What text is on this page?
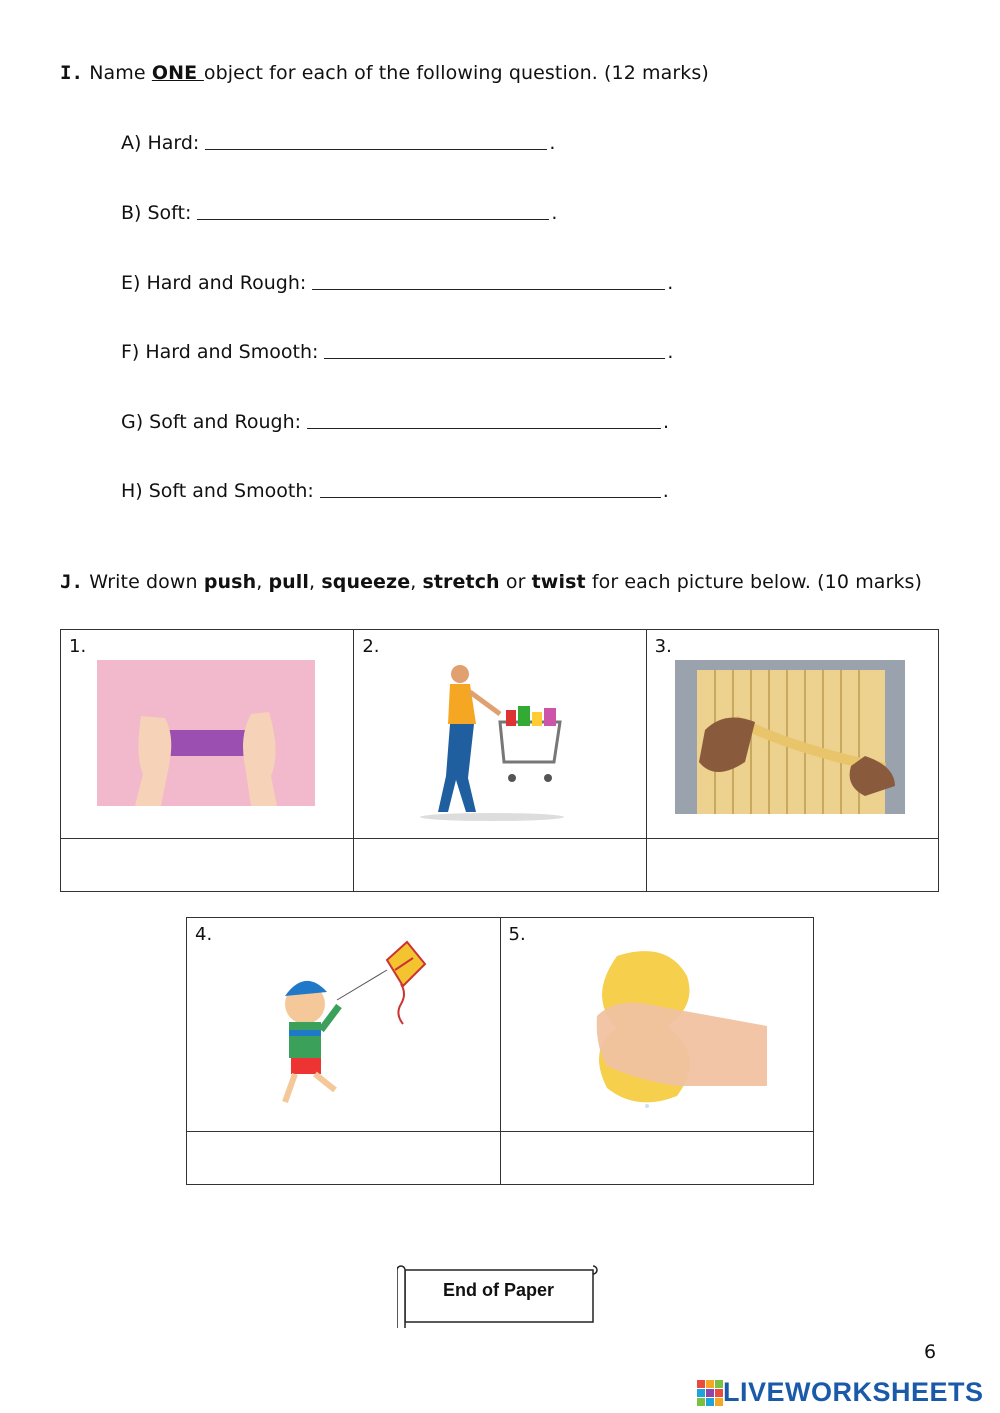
I. Name ONE object for each of the following question. (12 marks)
A) Hard:	.
B) Soft:	.
E) Hard and Rough:	.
F) Hard and Smooth:	.
G) Soft and Rough:	.
H) Soft and Smooth:	.
J. Write down push, pull, squeeze, stretch or twist for each picture below. (10 marks)
1.	2.	3.

4.	5.

End of Paper
6
LIVEWORKSHEETS
